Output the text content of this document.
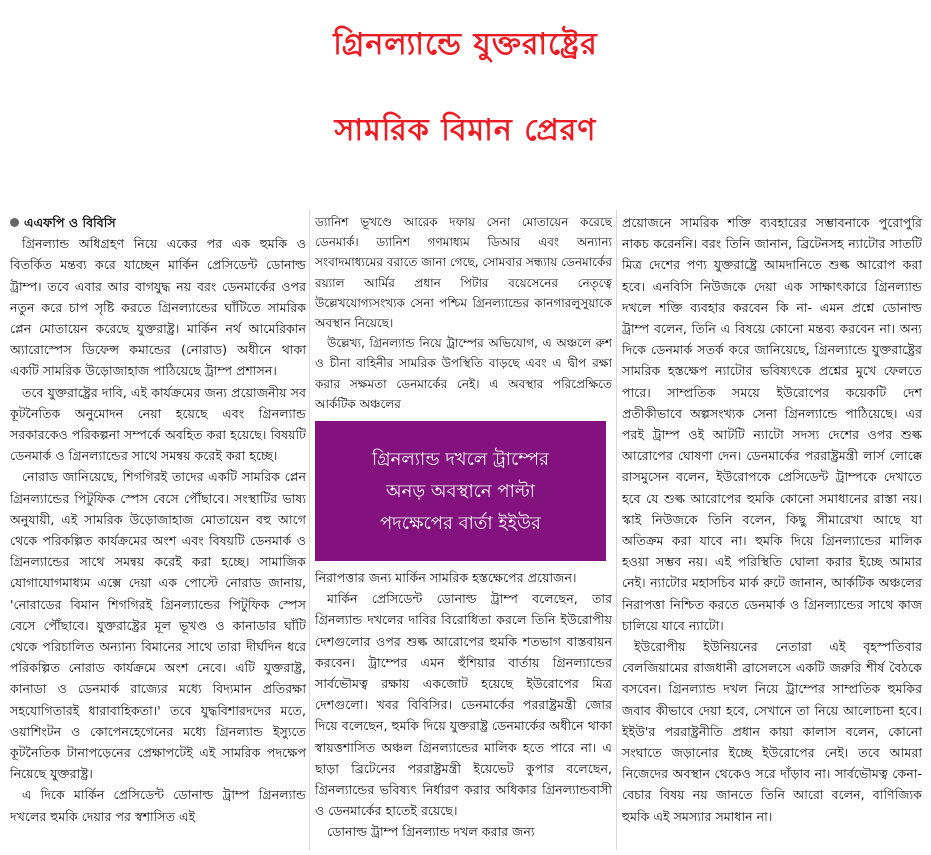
গ্রিনল্যান্ডে যুক্তরাষ্ট্রের
সামরিক বিমান প্রেরণ
এএফপি ও বিবিসি

গ্রিনল্যান্ড অধিগ্রহণ নিয়ে একের পর এক হুমকি ও বিতর্কিত মন্তব্য করে যাচ্ছেন মার্কিন প্রেসিডেন্ট ডোনাল্ড ট্রাম্প। তবে এবার আর বাগযুদ্ধ নয় বরং ডেনমার্কের ওপর নতুন করে চাপ সৃষ্টি করতে গ্রিনল্যান্ডের ঘাঁটিতে সামরিক প্লেন মোতায়েন করেছে যুক্তরাষ্ট্র। মার্কিন নর্থ আমেরিকান অ্যারোস্পেস ডিফেন্স কমান্ডের (নোরাড) অধীনে থাকা একটি সামরিক উড়োজাহাজ পাঠিয়েছে ট্রাম্প প্রশাসন।

তবে যুক্তরাষ্ট্রের দাবি, এই কার্যক্রমের জন্য প্রয়োজনীয় সব কূটনৈতিক অনুমোদন নেয়া হয়েছে এবং গ্রিনল্যান্ড সরকারকেও পরিকল্পনা সম্পর্কে অবহিত করা হয়েছে। বিষয়টি ডেনমার্ক ও গ্রিনল্যান্ডের সাথে সমন্বয় করেই করা হচ্ছে।

নোরাড জানিয়েছে, শিগগিরই তাদের একটি সামরিক প্লেন গ্রিনল্যান্ডের পিটুফিক স্পেস বেসে পৌঁছাবে। সংস্থাটির ভাষ্য অনুযায়ী, এই সামরিক উড়োজাহাজ মোতায়েন বহু আগে থেকে পরিকল্পিত কার্যক্রমের অংশ এবং বিষয়টি ডেনমার্ক ও গ্রিনল্যান্ডের সাথে সমন্বয় করেই করা হচ্ছে। সামাজিক যোগাযোগমাধ্যম এক্সে দেয়া এক পোস্টে নোরাড জানায়, 'নোরাডের বিমান শিগগিরই গ্রিনল্যান্ডের পিটুফিক স্পেস বেসে পৌঁছাবে। যুক্তরাষ্ট্রের মূল ভূখণ্ড ও কানাডার ঘাঁটি থেকে পরিচালিত অন্যান্য বিমানের সাথে তারা দীর্ঘদিন ধরে পরিকল্পিত নোরাড কার্যক্রমে অংশ নেবে। এটি যুক্তরাষ্ট্র, কানাডা ও ডেনমার্ক রাজ্যের মধ্যে বিদ্যমান প্রতিরক্ষা সহযোগিতারই ধারাবাহিকতা।' তবে যুদ্ধবিশারদদের মতে, ওয়াশিংটন ও কোপেনহেগেনের মধ্যে গ্রিনল্যান্ড ইস্যুতে কূটনৈতিক টানাপড়েনের প্রেক্ষাপটেই এই সামরিক পদক্ষেপ নিয়েছে যুক্তরাষ্ট্র।

এ দিকে মার্কিন প্রেসিডেন্ট ডোনাল্ড ট্রাম্প গ্রিনল্যান্ড দখলের হুমকি দেয়ার পর স্বশাসিত এই

ড্যানিশ ভূখণ্ডে আরেক দফায় সেনা মোতায়েন করেছে ডেনমার্ক। ড্যানিশ গণমাধ্যম ডিআর এবং অন্যান্য সংবাদমাধ্যমের বরাতে জানা গেছে, সোমবার সন্ধ্যায় ডেনমার্কের রয়্যাল আর্মির প্রধান পিটার বয়েসেনের নেতৃত্বে উল্লেখযোগ্যসংখ্যক সেনা পশ্চিম গ্রিনল্যান্ডের কানগারলুসুয়াকে অবস্থান নিয়েছে।

উল্লেখ্য, গ্রিনল্যান্ড নিয়ে ট্রাম্পের অভিযোগ, এ অঞ্চলে রুশ ও চীনা বাহিনীর সামরিক উপস্থিতি বাড়ছে এবং এ দ্বীপ রক্ষা করার সক্ষমতা ডেনমার্কের নেই। এ অবস্থার পরিপ্রেক্ষিতে আর্কটিক অঞ্চলের

গ্রিনল্যান্ড দখলে ট্রাম্পের
অনড় অবস্থানে পাল্টা
পদক্ষেপের বার্তা ইইউর

নিরাপত্তার জন্য মার্কিন সামরিক হস্তক্ষেপের প্রয়োজন।

মার্কিন প্রেসিডেন্ট ডোনাল্ড ট্রাম্প বলেছেন, তার গ্রিনল্যান্ড দখলের দাবির বিরোধিতা করলে তিনি ইউরোপীয় দেশগুলোর ওপর শুল্ক আরোপের হুমকি শতভাগ বাস্তবায়ন করবেন। ট্রাম্পের এমন হুঁশিয়ার বার্তায় গ্রিনল্যান্ডের সার্বভৌমত্ব রক্ষায় একজোট হয়েছে ইউরোপের মিত্র দেশগুলো। খবর বিবিসির। ডেনমার্কের পররাষ্ট্রমন্ত্রী জোর দিয়ে বলেছেন, হুমকি দিয়ে যুক্তরাষ্ট্র ডেনমার্কের অধীনে থাকা স্বায়ত্তশাসিত অঞ্চল গ্রিনল্যান্ডের মালিক হতে পারে না। এ ছাড়া ব্রিটেনের পররাষ্ট্রমন্ত্রী ইয়েভেট কুপার বলেছেন, গ্রিনল্যান্ডের ভবিষ্যৎ নির্ধারণ করার অধিকার গ্রিনল্যান্ডবাসী ও ডেনমার্কের হাতেই রয়েছে।

ডোনাল্ড ট্রাম্প গ্রিনল্যান্ড দখল করার জন্য

প্রয়োজনে সামরিক শক্তি ব্যবহারের সম্ভাবনাকে পুরোপুরি নাকচ করেননি। বরং তিনি জানান, ব্রিটেনসহ ন্যাটোর সাতটি মিত্র দেশের পণ্য যুক্তরাষ্ট্রে আমদানিতে শুল্ক আরোপ করা হবে। এনবিসি নিউজকে দেয়া এক সাক্ষাৎকারে গ্রিনল্যান্ড দখলে শক্তি ব্যবহার করবেন কি না- এমন প্রশ্নে ডোনাল্ড ট্রাম্প বলেন, তিনি এ বিষয়ে কোনো মন্তব্য করবেন না। অন্য দিকে ডেনমার্ক সতর্ক করে জানিয়েছে, গ্রিনল্যান্ডে যুক্তরাষ্ট্রের সামরিক হস্তক্ষেপ ন্যাটোর ভবিষ্যৎকে প্রশ্নের মুখে ফেলতে পারে। সাম্প্রতিক সময়ে ইউরোপের কয়েকটি দেশ প্রতীকীভাবে অল্পসংখ্যক সেনা গ্রিনল্যান্ডে পাঠিয়েছে। এর পরই ট্রাম্প ওই আটটি ন্যাটো সদস্য দেশের ওপর শুল্ক আরোপের ঘোষণা দেন। ডেনমার্কের পররাষ্ট্রমন্ত্রী লার্স লোক্কে রাসমুসেন বলেন, ইউরোপকে প্রেসিডেন্ট ট্রাম্পকে দেখাতে হবে যে শুল্ক আরোপের হুমকি কোনো সমাধানের রাস্তা নয়। স্কাই নিউজকে তিনি বলেন, কিছু সীমারেখা আছে যা অতিক্রম করা যাবে না। হুমকি দিয়ে গ্রিনল্যান্ডের মালিক হওয়া সম্ভব নয়। এই পরিস্থিতি ঘোলা করার ইচ্ছে আমার নেই। ন্যাটোর মহাসচিব মার্ক রুটে জানান, আর্কটিক অঞ্চলের নিরাপত্তা নিশ্চিত করতে ডেনমার্ক ও গ্রিনল্যান্ডের সাথে কাজ চালিয়ে যাবে ন্যাটো।

ইউরোপীয় ইউনিয়নের নেতারা এই বৃহস্পতিবার বেলজিয়ামের রাজধানী ব্রাসেলসে একটি জরুরি শীর্ষ বৈঠকে বসবেন। গ্রিনল্যান্ড দখল নিয়ে ট্রাম্পের সাম্প্রতিক হুমকির জবাব কীভাবে দেয়া হবে, সেখানে তা নিয়ে আলোচনা হবে। ইইউ'র পররাষ্ট্রনীতি প্রধান কায়া কালাস বলেন, কোনো সংঘাতে জড়ানোর ইচ্ছে ইউরোপের নেই। তবে আমরা নিজেদের অবস্থান থেকেও সরে দাঁড়াব না। সার্বভৌমত্ব কেনা-বেচার বিষয় নয় জানতে তিনি আরো বলেন, বাণিজ্যিক হুমকি এই সমস্যার সমাধান না।
